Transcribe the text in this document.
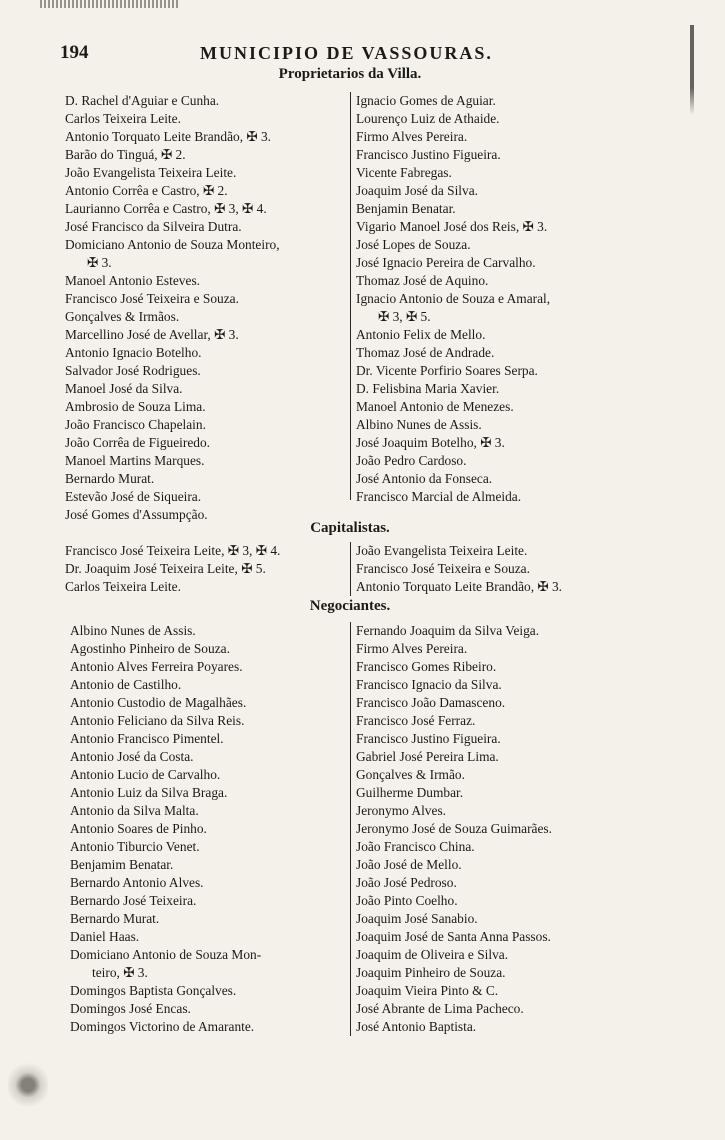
194	MUNICIPIO DE VASSOURAS.
Proprietarios da Villa.
D. Rachel d'Aguiar e Cunha.
Carlos Teixeira Leite.
Antonio Torquato Leite Brandão, ✠ 3.
Barão do Tinguá, ✠ 2.
João Evangelista Teixeira Leite.
Antonio Corrêa e Castro, ✠ 2.
Laurianno Corrêa e Castro, ✠ 3, ✠ 4.
José Francisco da Silveira Dutra.
Domiciano Antonio de Souza Monteiro,
✠ 3.
Manoel Antonio Esteves.
Francisco José Teixeira e Souza.
Gonçalves & Irmãos.
Marcellino José de Avellar, ✠ 3.
Antonio Ignacio Botelho.
Salvador José Rodrigues.
Manoel José da Silva.
Ambrosio de Souza Lima.
João Francisco Chapelain.
João Corrêa de Figueiredo.
Manoel Martins Marques.
Bernardo Murat.
Estevão José de Siqueira.
José Gomes d'Assumpção.
Ignacio Gomes de Aguiar.
Lourenço Luiz de Athaide.
Firmo Alves Pereira.
Francisco Justino Figueira.
Vicente Fabregas.
Joaquim José da Silva.
Benjamin Benatar.
Vigario Manoel José dos Reis, ✠ 3.
José Lopes de Souza.
José Ignacio Pereira de Carvalho.
Thomaz José de Aquino.
Ignacio Antonio de Souza e Amaral,
✠ 3, ✠ 5.
Antonio Felix de Mello.
Thomaz José de Andrade.
Dr. Vicente Porfirio Soares Serpa.
D. Felisbina Maria Xavier.
Manoel Antonio de Menezes.
Albino Nunes de Assis.
José Joaquim Botelho, ✠ 3.
João Pedro Cardoso.
José Antonio da Fonseca.
Francisco Marcial de Almeida.
Capitalistas.
Francisco José Teixeira Leite, ✠ 3, ✠ 4.
Dr. Joaquim José Teixeira Leite, ✠ 5.
Carlos Teixeira Leite.
João Evangelista Teixeira Leite.
Francisco José Teixeira e Souza.
Antonio Torquato Leite Brandão, ✠ 3.
Negociantes.
Albino Nunes de Assis.
Agostinho Pinheiro de Souza.
Antonio Alves Ferreira Poyares.
Antonio de Castilho.
Antonio Custodio de Magalhães.
Antonio Feliciano da Silva Reis.
Antonio Francisco Pimentel.
Antonio José da Costa.
Antonio Lucio de Carvalho.
Antonio Luiz da Silva Braga.
Antonio da Silva Malta.
Antonio Soares de Pinho.
Antonio Tiburcio Venet.
Benjamim Benatar.
Bernardo Antonio Alves.
Bernardo José Teixeira.
Bernardo Murat.
Daniel Haas.
Domiciano Antonio de Souza Mon-
teiro, ✠ 3.
Domingos Baptista Gonçalves.
Domingos José Encas.
Domingos Victorino de Amarante.
Fernando Joaquim da Silva Veiga.
Firmo Alves Pereira.
Francisco Gomes Ribeiro.
Francisco Ignacio da Silva.
Francisco João Damasceno.
Francisco José Ferraz.
Francisco Justino Figueira.
Gabriel José Pereira Lima.
Gonçalves & Irmão.
Guilherme Dumbar.
Jeronymo Alves.
Jeronymo José de Souza Guimarães.
João Francisco China.
João José de Mello.
João José Pedroso.
João Pinto Coelho.
Joaquim José Sanabio.
Joaquim José de Santa Anna Passos.
Joaquim de Oliveira e Silva.
Joaquim Pinheiro de Souza.
Joaquim Vieira Pinto & C.
José Abrante de Lima Pacheco.
José Antonio Baptista.
